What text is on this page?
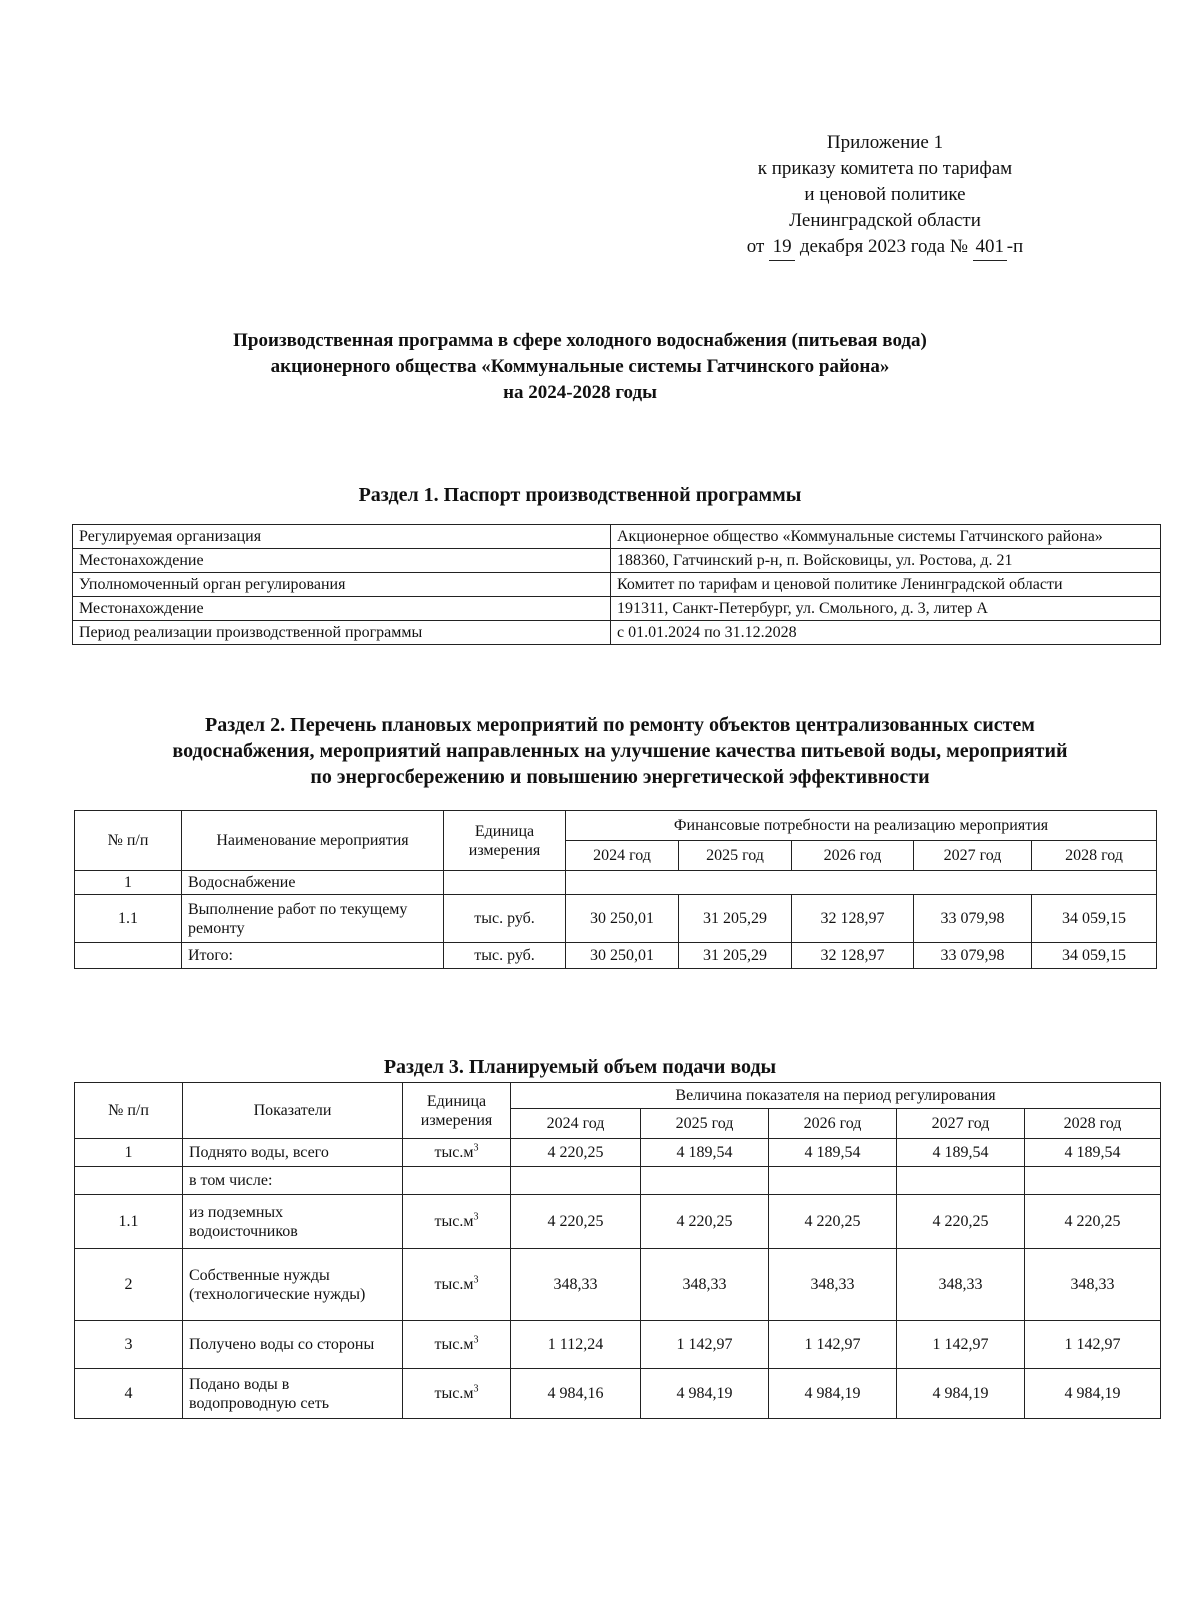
Приложение 1
к приказу комитета по тарифам
и ценовой политике
Ленинградской области
от 19 декабря 2023 года № 401 -п
Производственная программа в сфере холодного водоснабжения (питьевая вода)
акционерного общества «Коммунальные системы Гатчинского района»
на 2024-2028 годы
Раздел 1. Паспорт производственной программы
Регулируемая организация	Акционерное общество «Коммунальные системы Гатчинского района»
Местонахождение	188360, Гатчинский р-н, п. Войсковицы, ул. Ростова, д. 21
Уполномоченный орган регулирования	Комитет по тарифам и ценовой политике Ленинградской области
Местонахождение	191311, Санкт-Петербург, ул. Смольного, д. 3, литер А
Период реализации производственной программы	с 01.01.2024 по 31.12.2028
Раздел 2. Перечень плановых мероприятий по ремонту объектов централизованных систем
водоснабжения, мероприятий направленных на улучшение качества питьевой воды, мероприятий
по энергосбережению и повышению энергетической эффективности
№ п/п	Наименование мероприятия	Единица измерения	Финансовые потребности на реализацию мероприятия				
			2024 год	2025 год	2026 год	2027 год	2028 год
1	Водоснабжение						
1.1	Выполнение работ по текущему ремонту	тыс. руб.	30 250,01	31 205,29	32 128,97	33 079,98	34 059,15
	Итого:	тыс. руб.	30 250,01	31 205,29	32 128,97	33 079,98	34 059,15
Раздел 3. Планируемый объем подачи воды
№ п/п	Показатели	Единица измерения	Величина показателя на период регулирования				
			2024 год	2025 год	2026 год	2027 год	2028 год
1	Поднято воды, всего	$тыс.м^3$	4 220,25	4 189,54	4 189,54	4 189,54	4 189,54
	в том числе:						
1.1	из подземных водоисточников	$тыс.м^3$	4 220,25	4 220,25	4 220,25	4 220,25	4 220,25
2	Собственные нужды (технологические нужды)	$тыс.м^3$	348,33	348,33	348,33	348,33	348,33
3	Получено воды со стороны	$тыс.м^3$	1 112,24	1 142,97	1 142,97	1 142,97	1 142,97
4	Подано воды в водопроводную сеть	$тыс.м^3$	4 984,16	4 984,19	4 984,19	4 984,19	4 984,19
